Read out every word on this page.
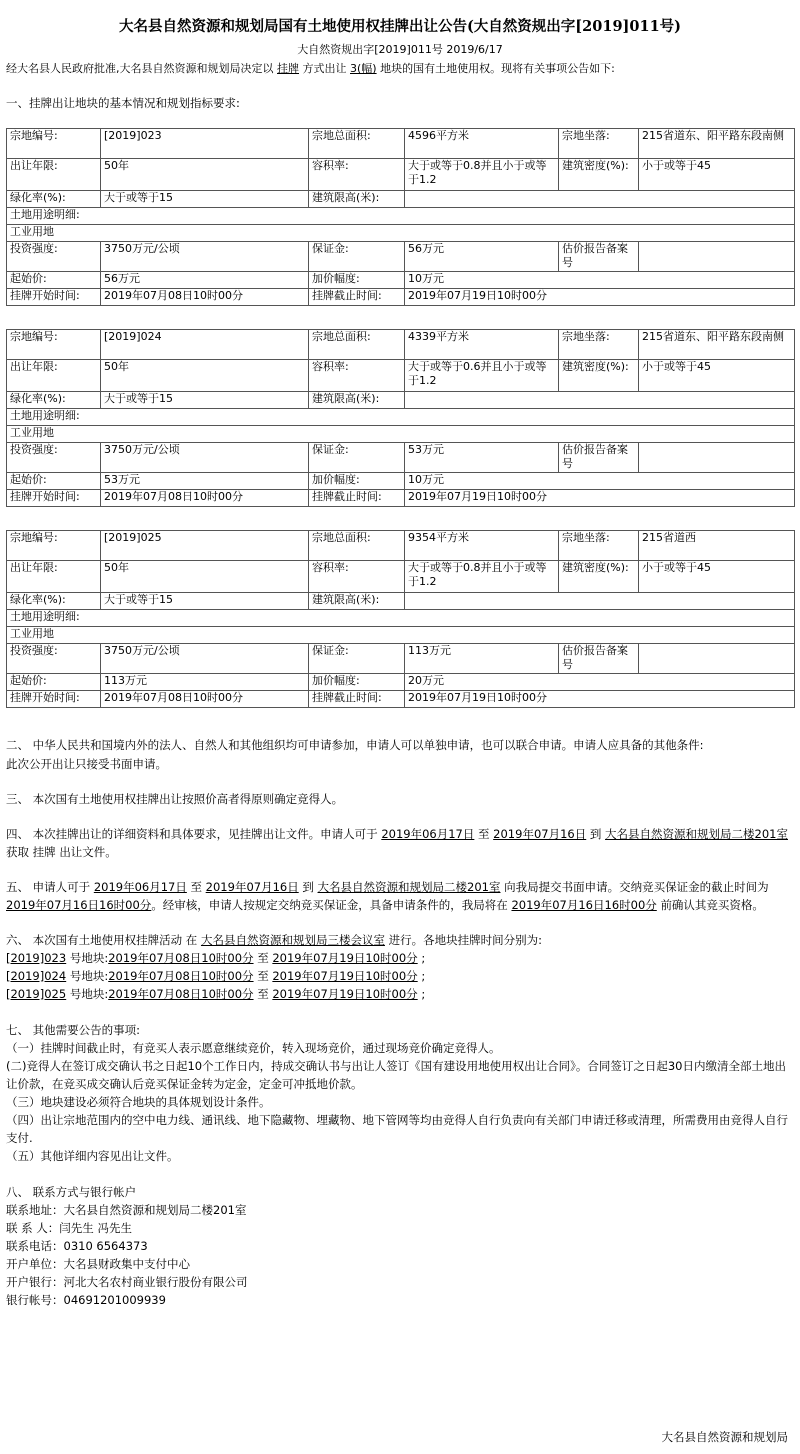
大名县自然资源和规划局国有土地使用权挂牌出让公告(大自然资规出字[2019]011号)
大自然资规出字[2019]011号 2019/6/17
经大名县人民政府批准,大名县自然资源和规划局决定以 挂牌 方式出让 3(幅) 地块的国有土地使用权。现将有关事项公告如下:
一、挂牌出让地块的基本情况和规划指标要求:
宗地编号:	[2019]023	宗地总面积:	4596平方米	宗地坐落:	215省道东、阳平路东段南侧
出让年限:	50年	容积率:	大于或等于0.8并且小于或等于1.2	建筑密度(%):	小于或等于45
绿化率(%):	大于或等于15	建筑限高(米):			
土地用途明细:					
工业用地					
投资强度:	3750万元/公顷	保证金:	56万元	估价报告备案号	
起始价:	56万元	加价幅度:	10万元		
挂牌开始时间:	2019年07月08日10时00分	挂牌截止时间:	2019年07月19日10时00分		
宗地编号:	[2019]024	宗地总面积:	4339平方米	宗地坐落:	215省道东、阳平路东段南侧
出让年限:	50年	容积率:	大于或等于0.6并且小于或等于1.2	建筑密度(%):	小于或等于45
绿化率(%):	大于或等于15	建筑限高(米):			
土地用途明细:					
工业用地					
投资强度:	3750万元/公顷	保证金:	53万元	估价报告备案号	
起始价:	53万元	加价幅度:	10万元		
挂牌开始时间:	2019年07月08日10时00分	挂牌截止时间:	2019年07月19日10时00分		
宗地编号:	[2019]025	宗地总面积:	9354平方米	宗地坐落:	215省道西
出让年限:	50年	容积率:	大于或等于0.8并且小于或等于1.2	建筑密度(%):	小于或等于45
绿化率(%):	大于或等于15	建筑限高(米):			
土地用途明细:					
工业用地					
投资强度:	3750万元/公顷	保证金:	113万元	估价报告备案号	
起始价:	113万元	加价幅度:	20万元		
挂牌开始时间:	2019年07月08日10时00分	挂牌截止时间:	2019年07月19日10时00分		
二、 中华人民共和国境内外的法人、自然人和其他组织均可申请参加，申请人可以单独申请，也可以联合申请。申请人应具备的其他条件:
此次公开出让只接受书面申请。
三、 本次国有土地使用权挂牌出让按照价高者得原则确定竞得人。
四、 本次挂牌出让的详细资料和具体要求，见挂牌出让文件。申请人可于 2019年06月17日 至 2019年07月16日 到 大名县自然资源和规划局二楼201室 获取 挂牌 出让文件。
五、 申请人可于 2019年06月17日 至 2019年07月16日 到 大名县自然资源和规划局二楼201室 向我局提交书面申请。交纳竞买保证金的截止时间为2019年07月16日16时00分。经审核，申请人按规定交纳竞买保证金，具备申请条件的，我局将在 2019年07月16日16时00分 前确认其竞买资格。
六、 本次国有土地使用权挂牌活动 在 大名县自然资源和规划局三楼会议室 进行。各地块挂牌时间分别为:
[2019]023 号地块:2019年07月08日10时00分 至 2019年07月19日10时00分 ;
[2019]024 号地块:2019年07月08日10时00分 至 2019年07月19日10时00分 ;
[2019]025 号地块:2019年07月08日10时00分 至 2019年07月19日10时00分 ;
七、 其他需要公告的事项:
（一）挂牌时间截止时，有竞买人表示愿意继续竞价，转入现场竞价，通过现场竞价确定竞得人。
(二)竞得人在签订成交确认书之日起10个工作日内，持成交确认书与出让人签订《国有建设用地使用权出让合同》。合同签订之日起30日内缴清全部土地出让价款，在竞买成交确认后竞买保证金转为定金，定金可冲抵地价款。
（三）地块建设必须符合地块的具体规划设计条件。
（四）出让宗地范围内的空中电力线、通讯线、地下隐藏物、埋藏物、地下管网等均由竞得人自行负责向有关部门申请迁移或清理，所需费用由竞得人自行支付.
（五）其他详细内容见出让文件。
八、 联系方式与银行帐户
联系地址：大名县自然资源和规划局二楼201室
联 系 人：闫先生 冯先生
联系电话：0310 6564373
开户单位：大名县财政集中支付中心
开户银行：河北大名农村商业银行股份有限公司
银行帐号：04691201009939
大名县自然资源和规划局
